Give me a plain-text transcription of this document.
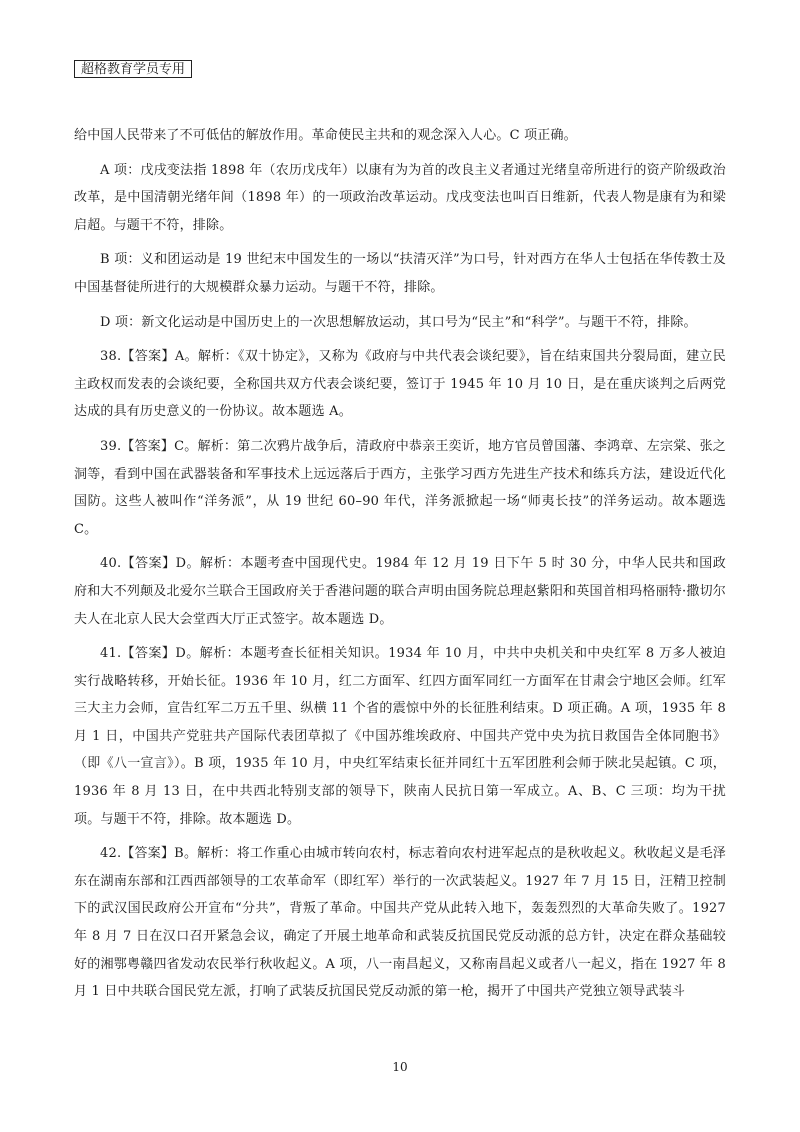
超格教育学员专用

给中国人民带来了不可低估的解放作用。革命使民主共和的观念深入人心。C 项正确。

A 项：戊戌变法指 1898 年（农历戊戌年）以康有为为首的改良主义者通过光绪皇帝所进行的资产阶级政治改革，是中国清朝光绪年间（1898 年）的一项政治改革运动。戊戌变法也叫百日维新，代表人物是康有为和梁启超。与题干不符，排除。

B 项：义和团运动是 19 世纪末中国发生的一场以“扶清灭洋”为口号，针对西方在华人士包括在华传教士及中国基督徒所进行的大规模群众暴力运动。与题干不符，排除。

D 项：新文化运动是中国历史上的一次思想解放运动，其口号为“民主”和“科学”。与题干不符，排除。

38.【答案】A。解析：《双十协定》，又称为《政府与中共代表会谈纪要》，旨在结束国共分裂局面，建立民主政权而发表的会谈纪要，全称国共双方代表会谈纪要，签订于 1945 年 10 月 10 日，是在重庆谈判之后两党达成的具有历史意义的一份协议。故本题选 A。

39.【答案】C。解析：第二次鸦片战争后，清政府中恭亲王奕䜣，地方官员曾国藩、李鸿章、左宗棠、张之洞等，看到中国在武器装备和军事技术上远远落后于西方，主张学习西方先进生产技术和练兵方法，建设近代化国防。这些人被叫作“洋务派”，从 19 世纪 60–90 年代，洋务派掀起一场“师夷长技”的洋务运动。故本题选 C。

40.【答案】D。解析：本题考查中国现代史。1984 年 12 月 19 日下午 5 时 30 分，中华人民共和国政府和大不列颠及北爱尔兰联合王国政府关于香港问题的联合声明由国务院总理赵紫阳和英国首相玛格丽特·撒切尔夫人在北京人民大会堂西大厅正式签字。故本题选 D。

41.【答案】D。解析：本题考查长征相关知识。1934 年 10 月，中共中央机关和中央红军 8 万多人被迫实行战略转移，开始长征。1936 年 10 月，红二方面军、红四方面军同红一方面军在甘肃会宁地区会师。红军三大主力会师，宣告红军二万五千里、纵横 11 个省的震惊中外的长征胜利结束。D 项正确。A 项，1935 年 8 月 1 日，中国共产党驻共产国际代表团草拟了《中国苏维埃政府、中国共产党中央为抗日救国告全体同胞书》（即《八一宣言》）。B 项，1935 年 10 月，中央红军结束长征并同红十五军团胜利会师于陕北吴起镇。C 项，1936 年 8 月 13 日，在中共西北特别支部的领导下，陕南人民抗日第一军成立。A、B、C 三项：均为干扰项。与题干不符，排除。故本题选 D。

42.【答案】B。解析：将工作重心由城市转向农村，标志着向农村进军起点的是秋收起义。秋收起义是毛泽东在湖南东部和江西西部领导的工农革命军（即红军）举行的一次武装起义。1927 年 7 月 15 日，汪精卫控制下的武汉国民政府公开宣布“分共”，背叛了革命。中国共产党从此转入地下，轰轰烈烈的大革命失败了。1927 年 8 月 7 日在汉口召开紧急会议，确定了开展土地革命和武装反抗国民党反动派的总方针，决定在群众基础较好的湘鄂粤赣四省发动农民举行秋收起义。A 项，八一南昌起义，又称南昌起义或者八一起义，指在 1927 年 8 月 1 日中共联合国民党左派，打响了武装反抗国民党反动派的第一枪，揭开了中国共产党独立领导武装斗

10
